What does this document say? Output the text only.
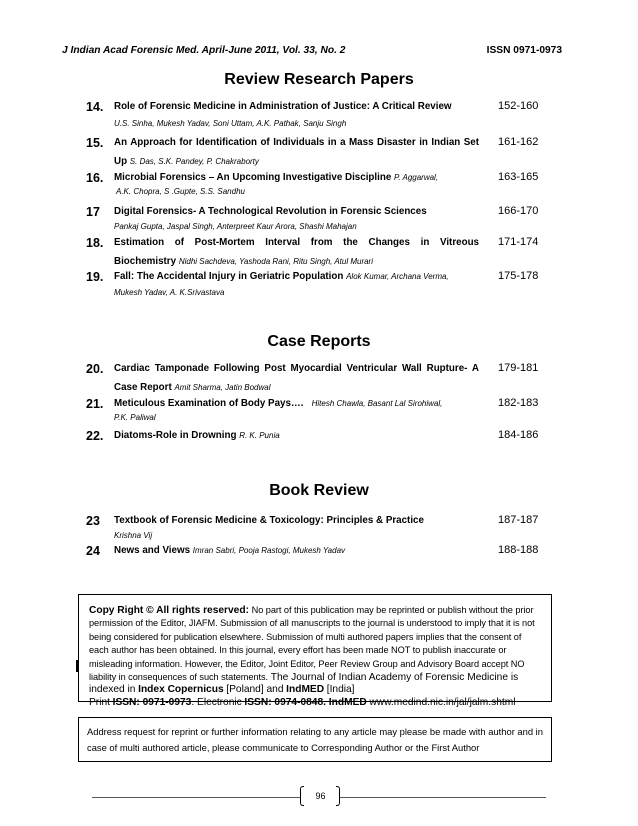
J Indian Acad Forensic Med. April-June 2011, Vol. 33, No. 2	ISSN 0971-0973
Review Research Papers
14. Role of Forensic Medicine in Administration of Justice: A Critical Review
U.S. Sinha, Mukesh Yadav, Soni Uttam, A.K. Pathak, Sanju Singh
152-160
15. An Approach for Identification of Individuals in a Mass Disaster in Indian Set Up S. Das, S.K. Pandey, P. Chakraborty
161-162
16. Microbial Forensics – An Upcoming Investigative Discipline P. Aggarwal,
A.K. Chopra, S .Gupte, S.S. Sandhu
163-165
17 Digital Forensics- A Technological Revolution in Forensic Sciences
Pankaj Gupta, Jaspal Singh, Anterpreet Kaur Arora, Shashi Mahajan
166-170
18. Estimation of Post-Mortem Interval from the Changes in Vitreous Biochemistry Nidhi Sachdeva, Yashoda Rani, Ritu Singh, Atul Murari
171-174
19. Fall: The Accidental Injury in Geriatric Population Alok Kumar, Archana Verma,
Mukesh Yadav, A. K.Srivastava
175-178
Case Reports
20. Cardiac Tamponade Following Post Myocardial Ventricular Wall Rupture- A Case Report Amit Sharma, Jatin Bodwal
179-181
21. Meticulous Examination of Body Pays…. Hitesh Chawla, Basant Lal Sirohiwal,
P.K. Paliwal
182-183
22. Diatoms-Role in Drowning R. K. Punia	184-186
Book Review
23 Textbook of Forensic Medicine & Toxicology: Principles & Practice
Krishna Vij
187-187
24 News and Views Imran Sabri, Pooja Rastogi, Mukesh Yadav	188-188
Copy Right © All rights reserved: No part of this publication may be reprinted or publish without the prior permission of the Editor, JIAFM. Submission of all manuscripts to the journal is understood to imply that it is not being considered for publication elsewhere. Submission of multi authored papers implies that the consent of each author has been obtained. In this journal, every effort has been made NOT to publish inaccurate or misleading information. However, the Editor, Joint Editor, Peer Review Group and Advisory Board accept NO liability in consequences of such statements. The Journal of Indian Academy of Forensic Medicine is indexed in Index Copernicus [Poland] and IndMED [India]
Print ISSN: 0971-0973. Electronic ISSN: 0974-0848. IndMED www.medind.nic.in/jal/jalm.shtml
Address request for reprint or further information relating to any article may please be made with author and in case of multi authored article, please communicate to Corresponding Author or the First Author
96
